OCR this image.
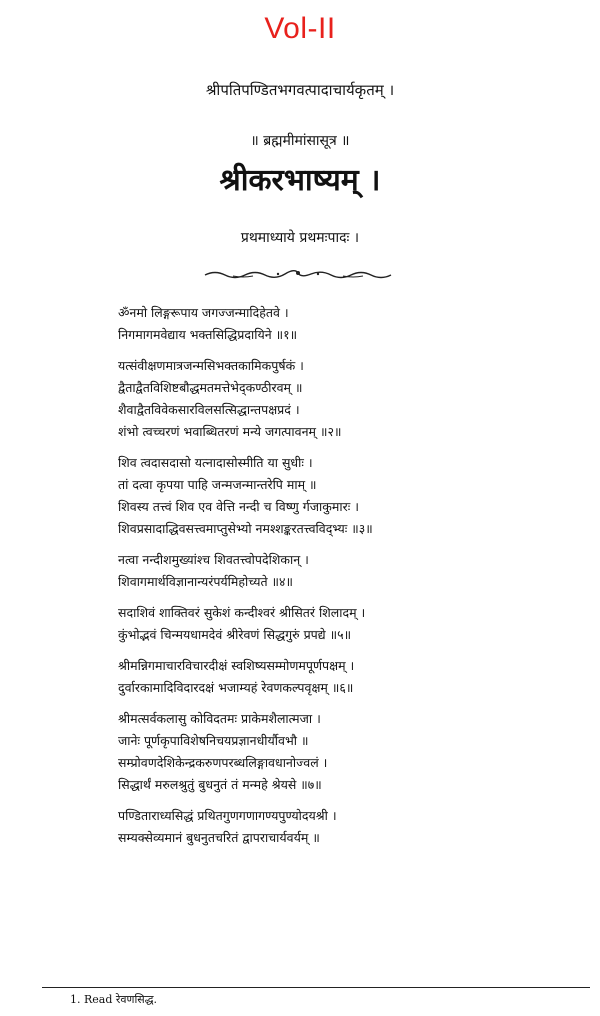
Vol-II
श्रीपतिपण्डितभगवत्पादाचार्यकृतम् ।
॥ ब्रह्ममीमांसासूत्र ॥
श्रीकरभाष्यम् ।
प्रथमाध्याये प्रथमःपादः ।
ॐनमो लिङ्गरूपाय जगज्जन्मादिहेतवे ।
निगमागमवेद्याय भक्तसिद्धिप्रदायिने ॥१॥
यत्संवीक्षणमात्रजन्मसिभक्तकामिकपुर्षकं ।
द्वैताद्वैतविशिष्टबौद्धमतमत्तेभेद्कण्ठीरवम् ॥
शैवाद्वैतविवेकसारविलसत्सिद्धान्तपक्षप्रदं ।
शंभो त्वच्चरणं भवाब्धितरणं मन्ये जगत्पावनम् ॥२॥
शिव त्वदासदासो यत्नादासोस्मीति या सुधीः ।
तां दत्वा कृपया पाहि जन्मजन्मान्तरेपि माम् ॥
शिवस्य तत्त्वं शिव एव वेत्ति नन्दी च विष्णु र्गजाकुमारः ।
शिवप्रसादाद्धिवसत्त्वमाप्तुसेभ्यो नमश्शङ्करतत्त्वविद्भ्यः ॥३॥
नत्वा नन्दीशमुख्यांश्च शिवतत्त्वोपदेशिकान् ।
शिवागमार्थविज्ञानान्यरंपर्यमिहोच्यते ॥४॥
सदाशिवं शाक्तिवरं सुकेशं कन्दीश्वरं श्रीसितरं शिलादम् ।
कुंभोद्भवं चिन्मयधामदेवं श्रीरेवणं सिद्धगुरुं प्रपद्ये ॥५॥
श्रीमन्निगमाचारविचारदीक्षं स्वशिष्यसम्मोणमपूर्णपक्षम् ।
दुर्वारकामादिविदारदक्षं भजाम्यहं रेवणकल्पवृक्षम् ॥६॥
श्रीमत्सर्वकलासु कोविदतमः प्राकेमशैलात्मजा ।
जानेः पूर्णकृपाविशेषनिचयप्रज्ञानधीर्यौवभौ ॥
सम्प्रोवणदेशिकेन्द्रकरुणपरब्धलिङ्गावधानोज्वलं ।
सिद्धार्थं मरुलश्रुतुं बुधनुतं तं मन्महे श्रेयसे ॥७॥
पण्डिताराध्यसिद्धं प्रथितगुणगणागण्यपुण्योदयश्री ।
सम्यक्सेव्यमानं बुधनुतचरितं द्वापराचार्यवर्यम् ॥
1. Read रेवणसिद्ध.
